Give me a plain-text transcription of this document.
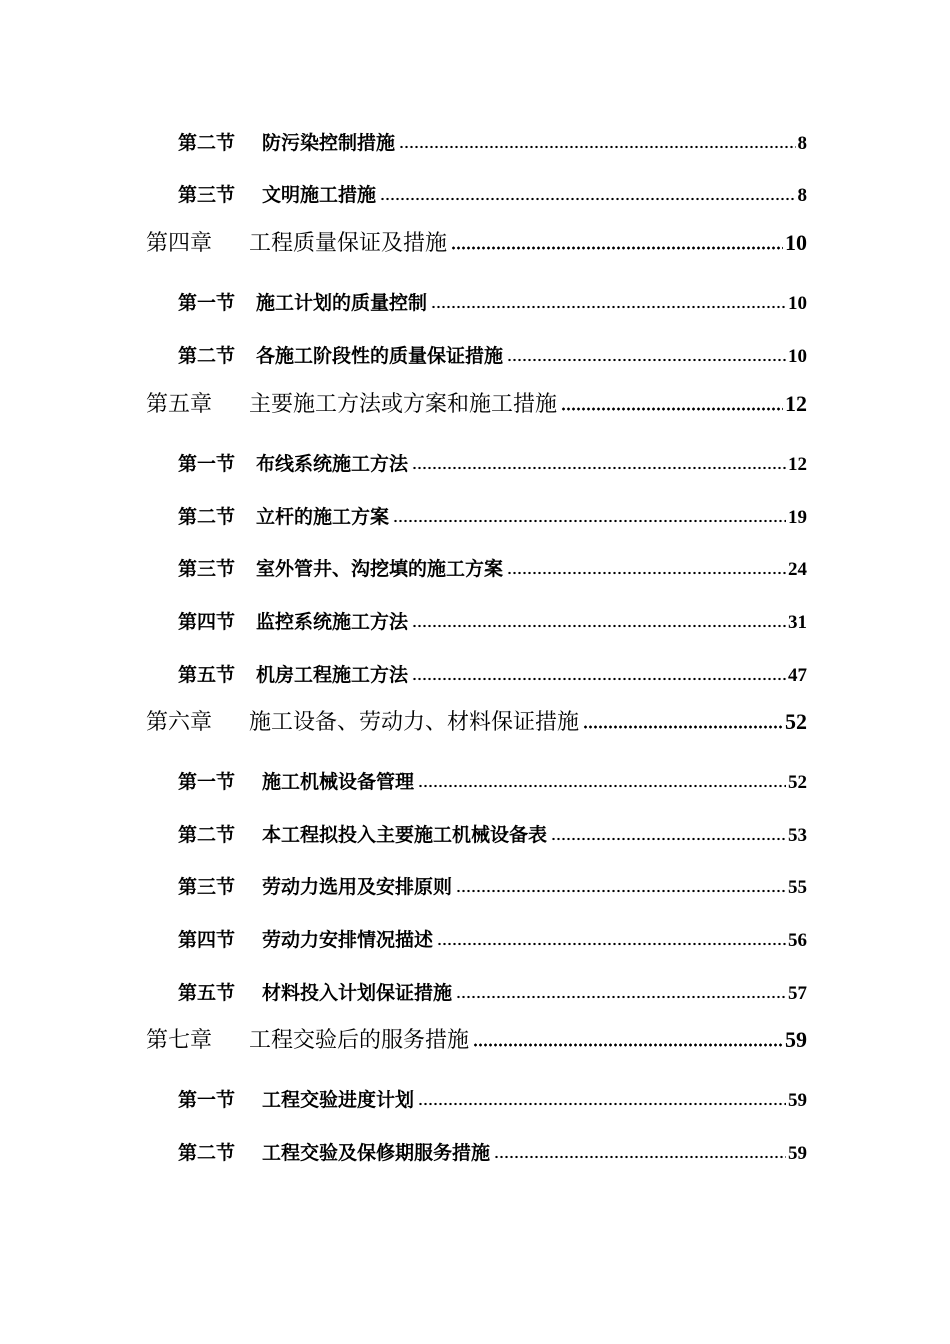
第二节	防污染控制措施	8
第三节	文明施工措施	8
第四章	工程质量保证及措施	10
第一节	施工计划的质量控制	10
第二节	各施工阶段性的质量保证措施	10
第五章	主要施工方法或方案和施工措施	12
第一节	布线系统施工方法	12
第二节	立杆的施工方案	19
第三节	室外管井、沟挖填的施工方案	24
第四节	监控系统施工方法	31
第五节	机房工程施工方法	47
第六章	施工设备、劳动力、材料保证措施	52
第一节	施工机械设备管理	52
第二节	本工程拟投入主要施工机械设备表	53
第三节	劳动力选用及安排原则	55
第四节	劳动力安排情况描述	56
第五节	材料投入计划保证措施	57
第七章	工程交验后的服务措施	59
第一节	工程交验进度计划	59
第二节	工程交验及保修期服务措施	59
